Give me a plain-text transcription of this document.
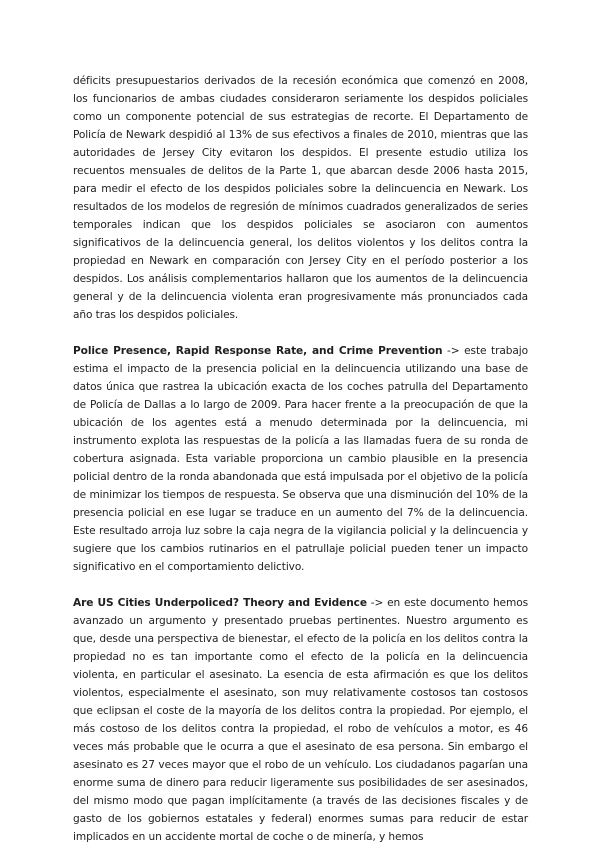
déficits presupuestarios derivados de la recesión económica que comenzó en 2008, los funcionarios de ambas ciudades consideraron seriamente los despidos policiales como un componente potencial de sus estrategias de recorte. El Departamento de Policía de Newark despidió al 13% de sus efectivos a finales de 2010, mientras que las autoridades de Jersey City evitaron los despidos. El presente estudio utiliza los recuentos mensuales de delitos de la Parte 1, que abarcan desde 2006 hasta 2015, para medir el efecto de los despidos policiales sobre la delincuencia en Newark. Los resultados de los modelos de regresión de mínimos cuadrados generalizados de series temporales indican que los despidos policiales se asociaron con aumentos significativos de la delincuencia general, los delitos violentos y los delitos contra la propiedad en Newark en comparación con Jersey City en el período posterior a los despidos. Los análisis complementarios hallaron que los aumentos de la delincuencia general y de la delincuencia violenta eran progresivamente más pronunciados cada año tras los despidos policiales.

Police Presence, Rapid Response Rate, and Crime Prevention -> este trabajo estima el impacto de la presencia policial en la delincuencia utilizando una base de datos única que rastrea la ubicación exacta de los coches patrulla del Departamento de Policía de Dallas a lo largo de 2009. Para hacer frente a la preocupación de que la ubicación de los agentes está a menudo determinada por la delincuencia, mi instrumento explota las respuestas de la policía a las llamadas fuera de su ronda de cobertura asignada. Esta variable proporciona un cambio plausible en la presencia policial dentro de la ronda abandonada que está impulsada por el objetivo de la policía de minimizar los tiempos de respuesta. Se observa que una disminución del 10% de la presencia policial en ese lugar se traduce en un aumento del 7% de la delincuencia. Este resultado arroja luz sobre la caja negra de la vigilancia policial y la delincuencia y sugiere que los cambios rutinarios en el patrullaje policial pueden tener un impacto significativo en el comportamiento delictivo.

Are US Cities Underpoliced? Theory and Evidence -> en este documento hemos avanzado un argumento y presentado pruebas pertinentes. Nuestro argumento es que, desde una perspectiva de bienestar, el efecto de la policía en los delitos contra la propiedad no es tan importante como el efecto de la policía en la delincuencia violenta, en particular el asesinato. La esencia de esta afirmación es que los delitos violentos, especialmente el asesinato, son muy relativamente costosos tan costosos que eclipsan el coste de la mayoría de los delitos contra la propiedad. Por ejemplo, el más costoso de los delitos contra la propiedad, el robo de vehículos a motor, es 46 veces más probable que le ocurra a que el asesinato de esa persona. Sin embargo el asesinato es 27 veces mayor que el robo de un vehículo. Los ciudadanos pagarían una enorme suma de dinero para reducir ligeramente sus posibilidades de ser asesinados, del mismo modo que pagan implícitamente (a través de las decisiones fiscales y de gasto de los gobiernos estatales y federal) enormes sumas para reducir de estar implicados en un accidente mortal de coche o de minería, y hemos
